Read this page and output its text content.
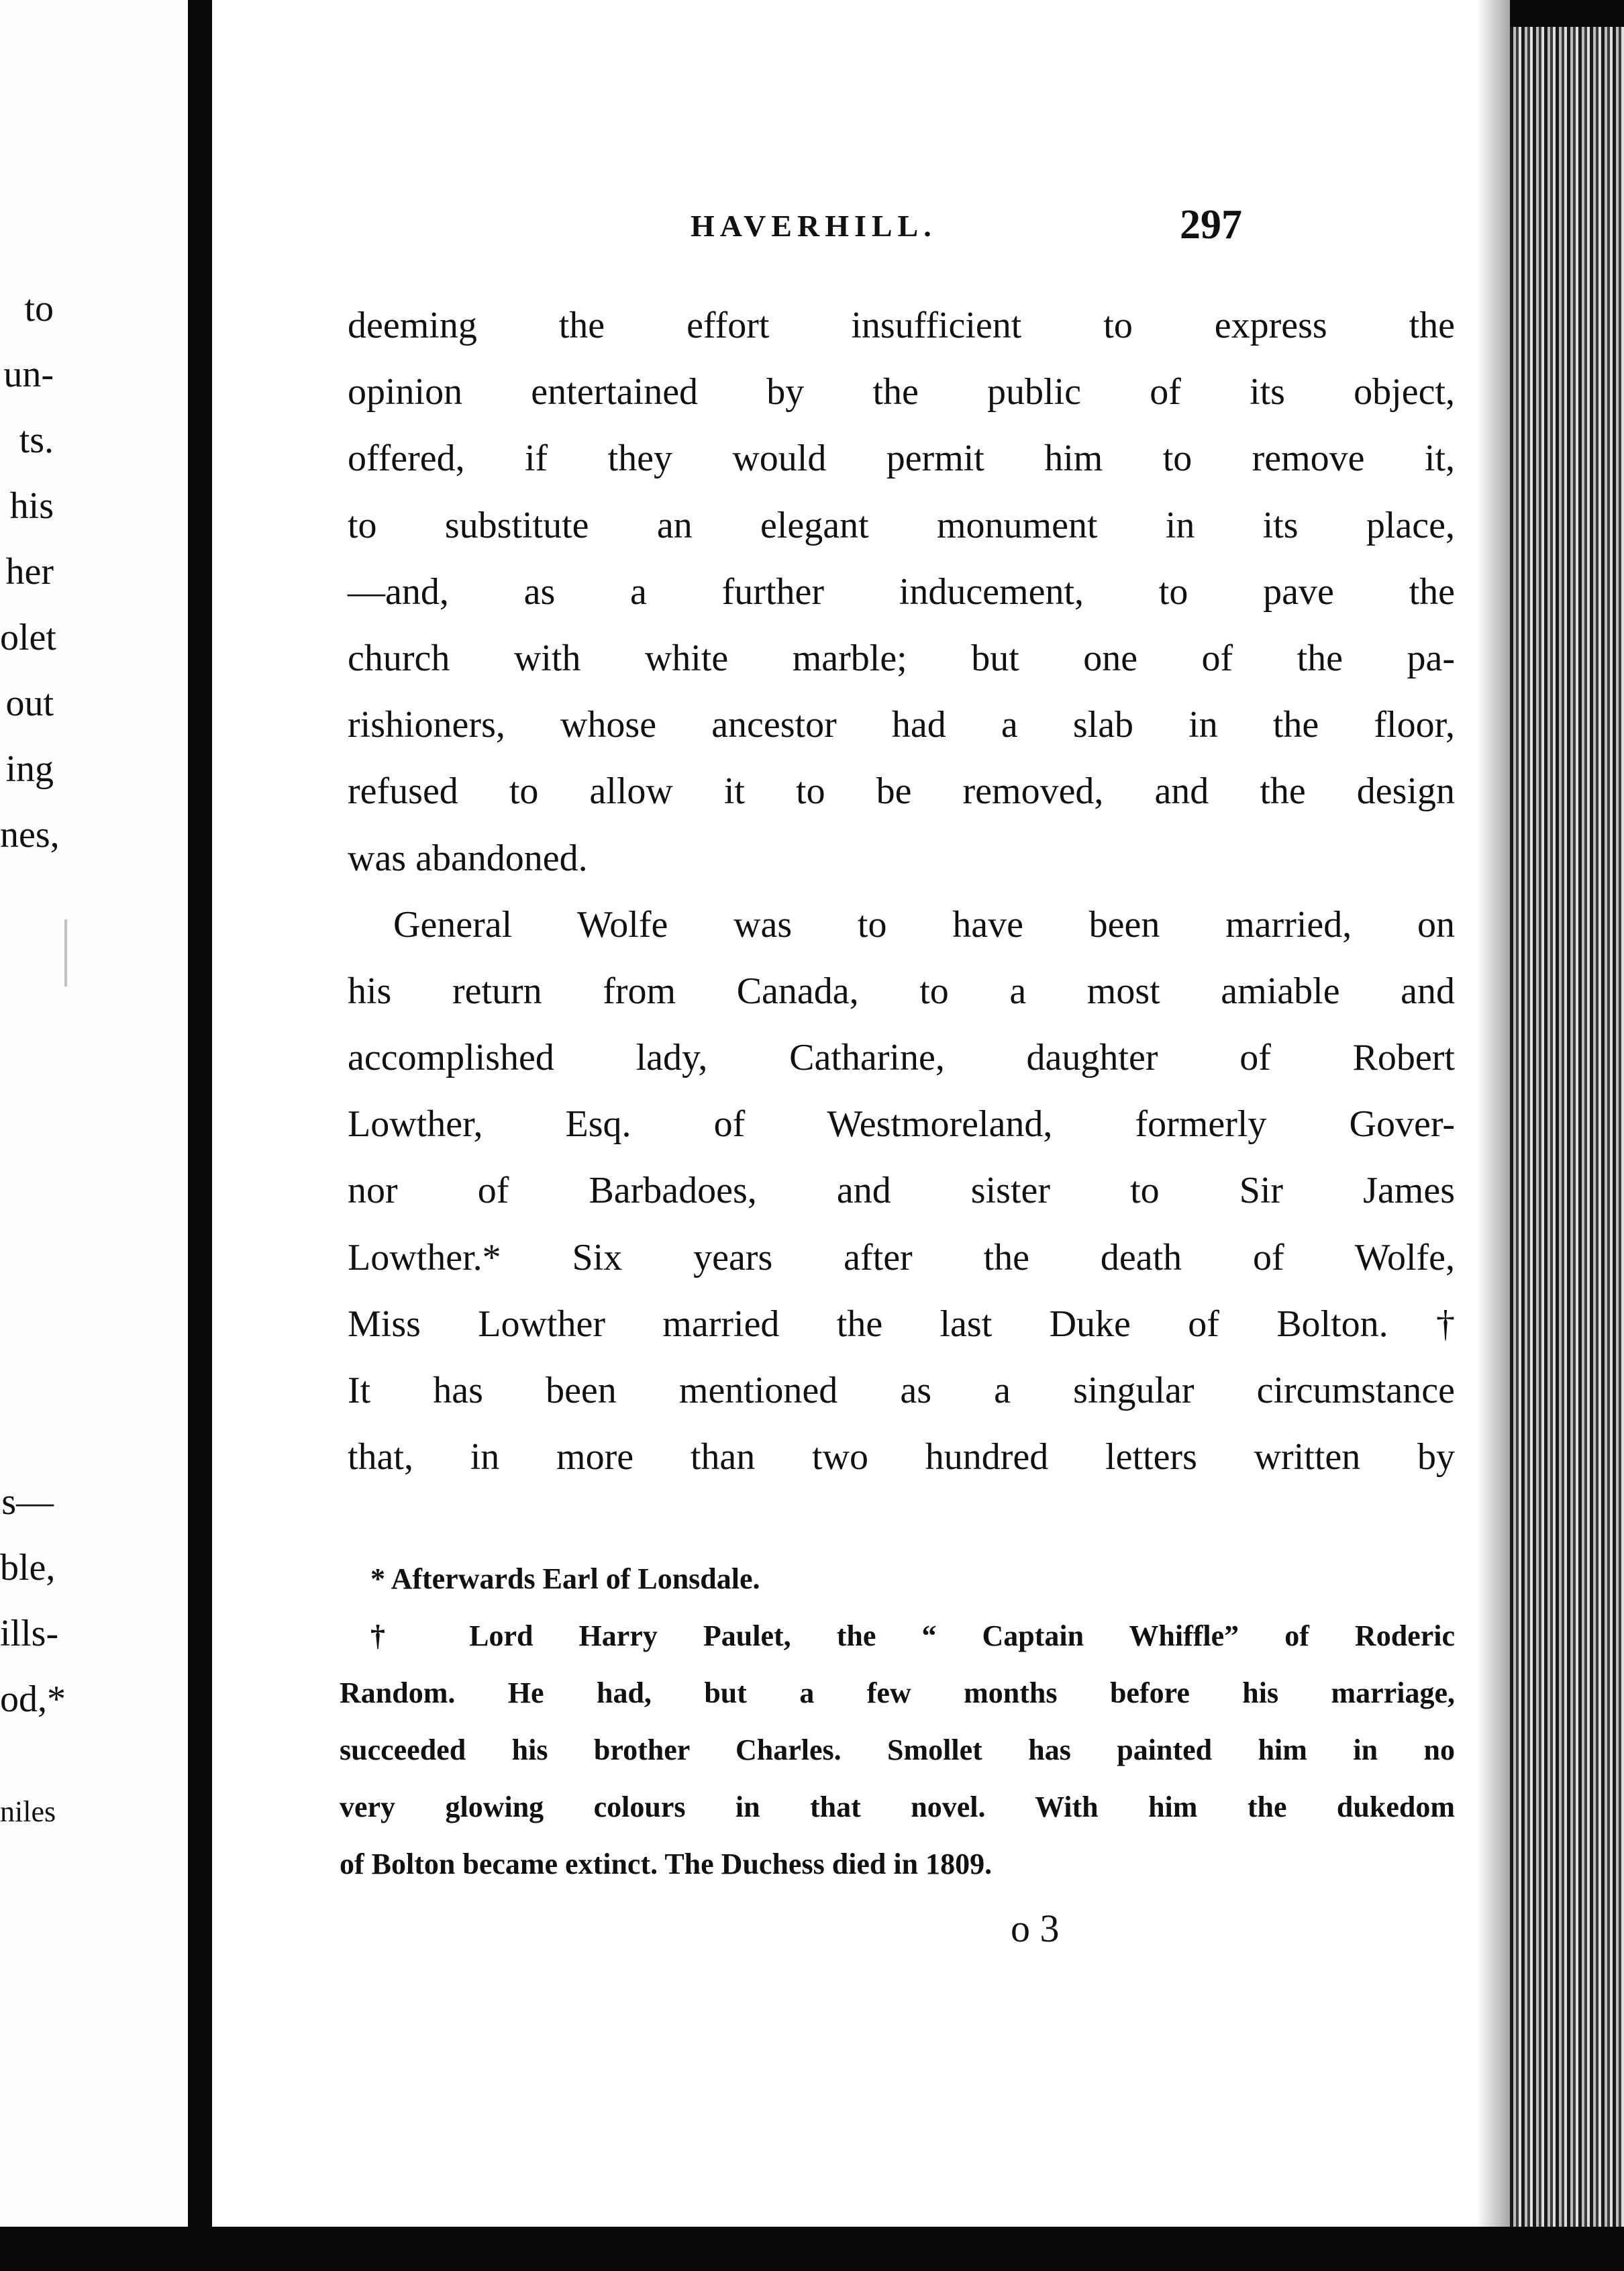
to
un-
ts.
his
her
olet
out
ing
nes,
s—
ble,
ills-
od,*
niles
HAVERHILL.	297
deeming the effort insufficient to express the
opinion entertained by the public of its object,
offered, if they would permit him to remove it,
to substitute an elegant monument in its place,
—and, as a further inducement, to pave the
church with white marble; but one of the pa-
rishioners, whose ancestor had a slab in the floor,
refused to allow it to be removed, and the design
was abandoned.
General Wolfe was to have been married, on
his return from Canada, to a most amiable and
accomplished lady, Catharine, daughter of Robert
Lowther, Esq. of Westmoreland, formerly Gover-
nor of Barbadoes, and sister to Sir James
Lowther.* Six years after the death of Wolfe,
Miss Lowther married the last Duke of Bolton.†
It has been mentioned as a singular circumstance
that, in more than two hundred letters written by
* Afterwards Earl of Lonsdale.
† Lord Harry Paulet, the “ Captain Whiffle” of Roderic
Random. He had, but a few months before his marriage,
succeeded his brother Charles. Smollet has painted him in no
very glowing colours in that novel. With him the dukedom
of Bolton became extinct. The Duchess died in 1809.
o 3
